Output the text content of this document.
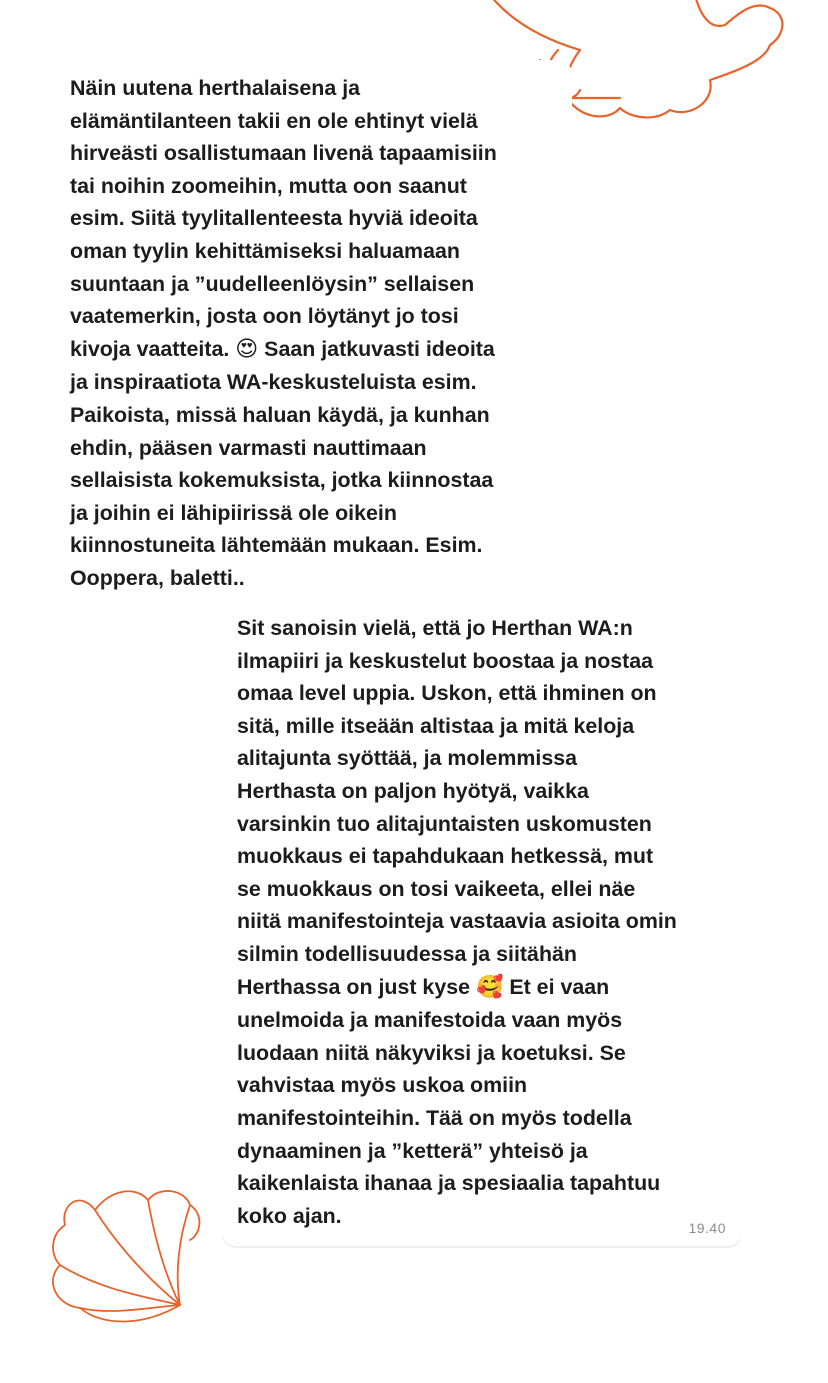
Näin uutena herthalaisena ja
elämäntilanteen takii en ole ehtinyt vielä
hirveästi osallistumaan livenä tapaamisiin
tai noihin zoomeihin, mutta oon saanut
esim. Siitä tyylitallenteesta hyviä ideoita
oman tyylin kehittämiseksi haluamaan
suuntaan ja ”uudelleenlöysin” sellaisen
vaatemerkin, josta oon löytänyt jo tosi
kivoja vaatteita. 😍 Saan jatkuvasti ideoita
ja inspiraatiota WA-keskusteluista esim.
Paikoista, missä haluan käydä, ja kunhan
ehdin, pääsen varmasti nauttimaan
sellaisista kokemuksista, jotka kiinnostaa
ja joihin ei lähipiirissä ole oikein
kiinnostuneita lähtemään mukaan. Esim.
Ooppera, baletti..
Sit sanoisin vielä, että jo Herthan WA:n
ilmapiiri ja keskustelut boostaa ja nostaa
omaa level uppia. Uskon, että ihminen on
sitä, mille itseään altistaa ja mitä keloja
alitajunta syöttää, ja molemmissa
Herthasta on paljon hyötyä, vaikka
varsinkin tuo alitajuntaisten uskomusten
muokkaus ei tapahdukaan hetkessä, mut
se muokkaus on tosi vaikeeta, ellei näe
niitä manifestointeja vastaavia asioita omin
silmin todellisuudessa ja siitähän
Herthassa on just kyse 🥰 Et ei vaan
unelmoida ja manifestoida vaan myös
luodaan niitä näkyviksi ja koetuksi. Se
vahvistaa myös uskoa omiin
manifestointeihin. Tää on myös todella
dynaaminen ja ”ketterä” yhteisö ja
kaikenlaista ihanaa ja spesiaalia tapahtuu
koko ajan.
19.40
